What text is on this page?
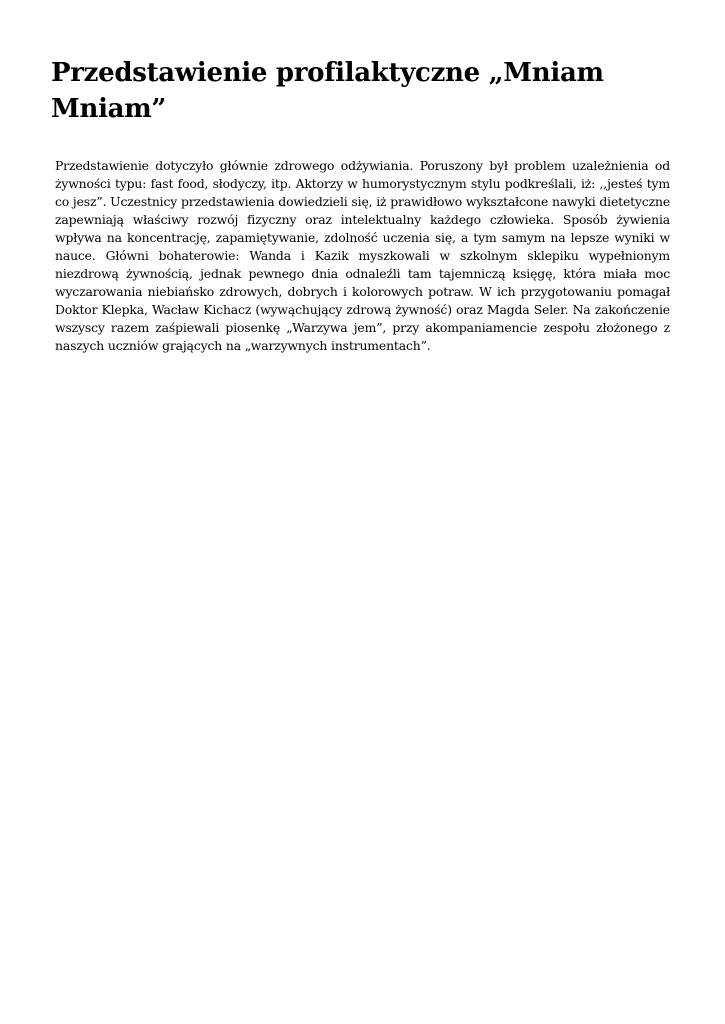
Przedstawienie profilaktyczne „Mniam Mniam”

Przedstawienie dotyczyło głównie zdrowego odżywiania. Poruszony był problem uzależnienia od żywności typu: fast food, słodyczy, itp. Aktorzy w humorystycznym stylu podkreślali, iż: ,,jesteś tym co jesz”. Uczestnicy przedstawienia dowiedzieli się, iż prawidłowo wykształcone nawyki dietetyczne zapewniają właściwy rozwój fizyczny oraz intelektualny każdego człowieka. Sposób żywienia wpływa na koncentrację, zapamiętywanie, zdolność uczenia się, a tym samym na lepsze wyniki w nauce. Główni bohaterowie: Wanda i Kazik myszkowali w szkolnym sklepiku wypełnionym niezdrową żywnością, jednak pewnego dnia odnaleźli tam tajemniczą księgę, która miała moc wyczarowania niebiańsko zdrowych, dobrych i kolorowych potraw. W ich przygotowaniu pomagał Doktor Klepka, Wacław Kichacz (wywąchujący zdrową żywność) oraz Magda Seler. Na zakończenie wszyscy razem zaśpiewali piosenkę „Warzywa jem”, przy akompaniamencie zespołu złożonego z naszych uczniów grających na „warzywnych instrumentach”.
